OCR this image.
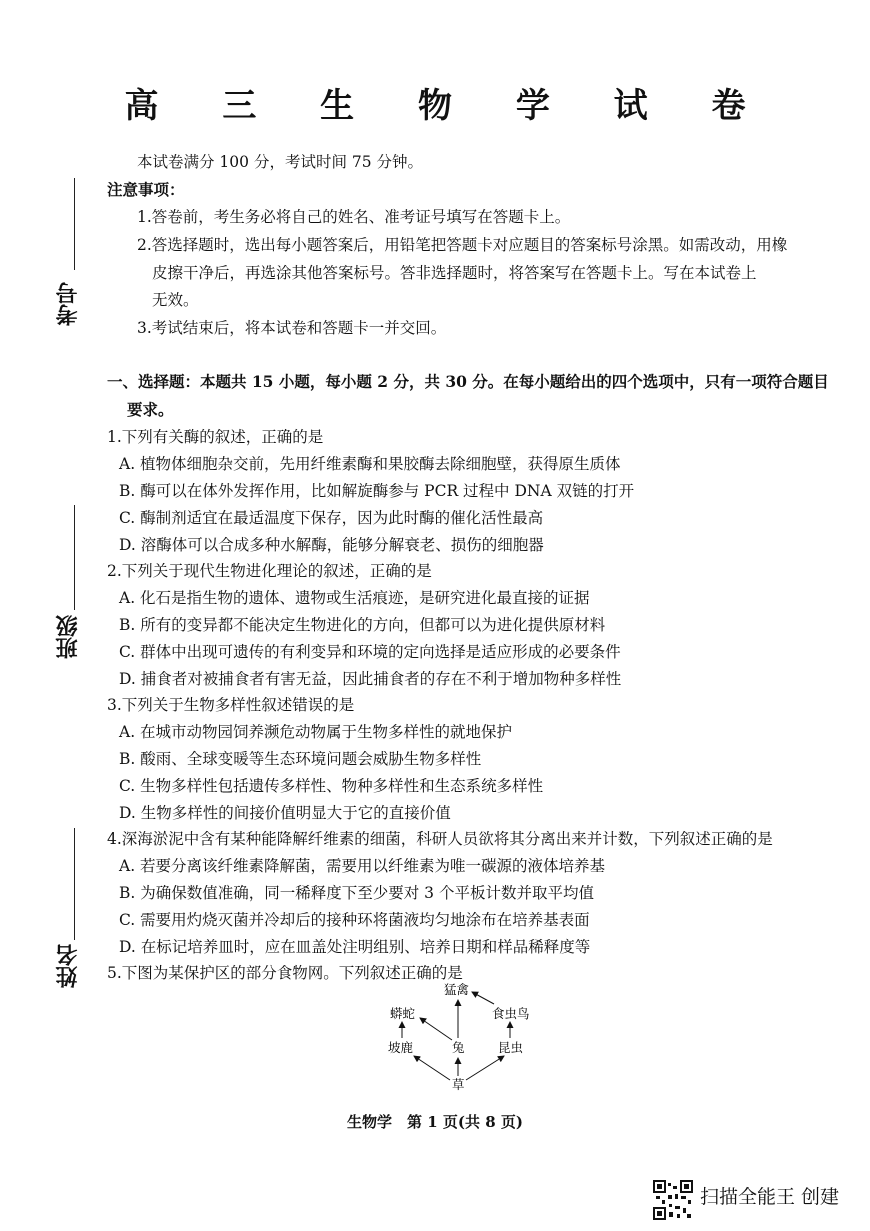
高 三 生 物 学 试 卷
本试卷满分 100 分，考试时间 75 分钟。
注意事项：
1.答卷前，考生务必将自己的姓名、准考证号填写在答题卡上。
2.答选择题时，选出每小题答案后，用铅笔把答题卡对应题目的答案标号涂黑。如需改动，用橡
皮擦干净后，再选涂其他答案标号。答非选择题时，将答案写在答题卡上。写在本试卷上
无效。
3.考试结束后，将本试卷和答题卡一并交回。
一、选择题：本题共 15 小题，每小题 2 分，共 30 分。在每小题给出的四个选项中，只有一项符合题目
要求。
1.下列有关酶的叙述，正确的是
A. 植物体细胞杂交前，先用纤维素酶和果胶酶去除细胞壁，获得原生质体
B. 酶可以在体外发挥作用，比如解旋酶参与 PCR 过程中 DNA 双链的打开
C. 酶制剂适宜在最适温度下保存，因为此时酶的催化活性最高
D. 溶酶体可以合成多种水解酶，能够分解衰老、损伤的细胞器
2.下列关于现代生物进化理论的叙述，正确的是
A. 化石是指生物的遗体、遗物或生活痕迹，是研究进化最直接的证据
B. 所有的变异都不能决定生物进化的方向，但都可以为进化提供原材料
C. 群体中出现可遗传的有利变异和环境的定向选择是适应形成的必要条件
D. 捕食者对被捕食者有害无益，因此捕食者的存在不利于增加物种多样性
3.下列关于生物多样性叙述错误的是
A. 在城市动物园饲养濒危动物属于生物多样性的就地保护
B. 酸雨、全球变暖等生态环境问题会威胁生物多样性
C. 生物多样性包括遗传多样性、物种多样性和生态系统多样性
D. 生物多样性的间接价值明显大于它的直接价值
4.深海淤泥中含有某种能降解纤维素的细菌，科研人员欲将其分离出来并计数，下列叙述正确的是
A. 若要分离该纤维素降解菌，需要用以纤维素为唯一碳源的液体培养基
B. 为确保数值准确，同一稀释度下至少要对 3 个平板计数并取平均值
C. 需要用灼烧灭菌并冷却后的接种环将菌液均匀地涂布在培养基表面
D. 在标记培养皿时，应在皿盖处注明组别、培养日期和样品稀释度等
5.下图为某保护区的部分食物网。下列叙述正确的是
猛禽
蟒蛇	食虫鸟
坡鹿	兔	昆虫
草
考号
班级
姓名
生物学　第 1 页(共 8 页)
扫描全能王 创建
